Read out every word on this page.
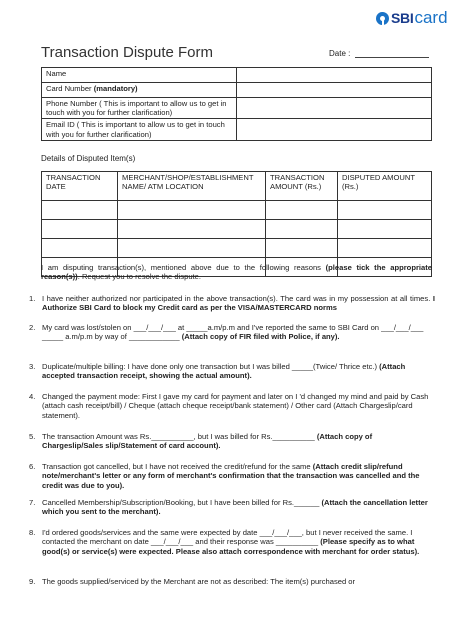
SBI card
Transaction Dispute Form	Date :
Name	
Card Number (mandatory)	
Phone Number ( This is important to allow us to get in touch with you for further clarification)	
Email ID ( This is important to allow us to get in touch with you for further clarification)	
Details of Disputed Item(s)
TRANSACTION DATE	MERCHANT/SHOP/ESTABLISHMENT NAME/ ATM LOCATION	TRANSACTION AMOUNT (Rs.)	DISPUTED AMOUNT (Rs.)

I am disputing transaction(s), mentioned above due to the following reasons (please tick the appropriate reason(s)). Request you to resolve the dispute.
1. I have neither authorized nor participated in the above transaction(s). The card was in my possession at all times. I Authorize SBI Card to block my Credit card as per the VISA/MASTERCARD norms
2. My card was lost/stolen on ___/___/___ at _____a.m/p.m and I've reported the same to SBI Card on ___/___/___ _____ a.m/p.m by way of ____________ (Attach copy of FIR filed with Police, if any).
3. Duplicate/multiple billing: I have done only one transaction but I was billed _____(Twice/ Thrice etc.) (Attach accepted transaction receipt, showing the actual amount).
4. Changed the payment mode: First I gave my card for payment and later on I 'd changed my mind and paid by Cash (attach cash receipt/bill) / Cheque (attach cheque receipt/bank statement) / Other card (Attach Chargeslip/card statement).
5. The transaction Amount was Rs.__________, but I was billed for Rs.__________ (Attach copy of Chargeslip/Sales slip/Statement of card account).
6. Transaction got cancelled, but I have not received the credit/refund for the same (Attach credit slip/refund note/merchant's letter or any form of merchant's confirmation that the transaction was cancelled and the credit was due to you).
7. Cancelled Membership/Subscription/Booking, but I have been billed for Rs.______ (Attach the cancellation letter which you sent to the merchant).
8. I'd ordered goods/services and the same were expected by date ___/___/___, but I never received the same. I contacted the merchant on date ___/___/___ and their response was __________ (Please specify as to what good(s) or service(s) were expected. Please also attach correspondence with merchant for order status).
9. The goods supplied/serviced by the Merchant are not as described: The item(s) purchased or
